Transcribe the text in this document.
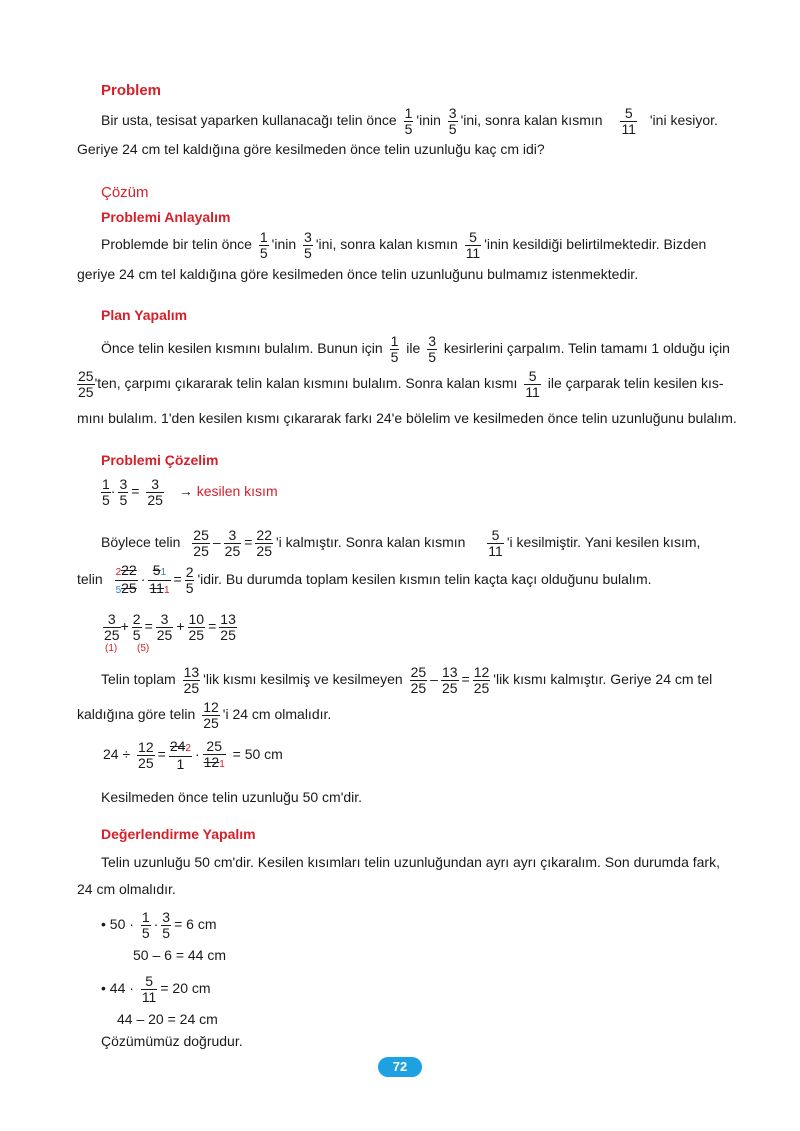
Problem
Bir usta, tesisat yaparken kullanacağı telin önce $\frac{1}{5}$ 'inin $\frac{3}{5}$ 'ini, sonra kalan kısmın $\frac{5}{11}$ 'ini kesiyor.
Geriye 24 cm tel kaldığına göre kesilmeden önce telin uzunluğu kaç cm idi?
Çözüm
Problemi Anlayalım
Problemde bir telin önce $\frac{1}{5}$ 'inin $\frac{3}{5}$ 'ini, sonra kalan kısmın $\frac{5}{11}$ 'inin kesildiği belirtilmektedir. Bizden
geriye 24 cm tel kaldığına göre kesilmeden önce telin uzunluğunu bulmamız istenmektedir.
Plan Yapalım
Önce telin kesilen kısmını bulalım. Bunun için $\frac{1}{5}$ ile $\frac{3}{5}$ kesirlerini çarpalım. Telin tamamı 1 olduğu için
$\frac{25}{25}$ 'ten, çarpımı çıkararak telin kalan kısmını bulalım. Sonra kalan kısmı $\frac{5}{11}$ ile çarparak telin kesilen kıs-
mını bulalım. 1'den kesilen kısmı çıkararak farkı 24'e bölelim ve kesilmeden önce telin uzunluğunu bulalım.
Problemi Çözelim
$\frac{1}{5} \cdot \frac{3}{5} = \frac{3}{25}$ → kesilen kısım
Böylece telin $\frac{25}{25} - \frac{3}{25} = \frac{22}{25}$ 'i kalmıştır. Sonra kalan kısmın $\frac{5}{11}$ 'i kesilmiştir. Yani kesilen kısım,
telin $\frac{222}{525} \cdot \frac{51}{111} = \frac{2}{5}$ 'idir. Bu durumda toplam kesilen kısmın telin kaçta kaçı olduğunu bulalım.
$\frac{3}{25} + \frac{2}{5} = \frac{3}{25} + \frac{10}{25} = \frac{13}{25}$
(1) (5)
Telin toplam $\frac{13}{25}$ 'lik kısmı kesilmiş ve kesilmeyen $\frac{25}{25} - \frac{13}{25} = \frac{12}{25}$ 'lik kısmı kalmıştır. Geriye 24 cm tel
kaldığına göre telin $\frac{12}{25}$ 'i 24 cm olmalıdır.
$24 \div \frac{12}{25} = \frac{242}{1} \cdot \frac{25}{121} = 50$ cm
Kesilmeden önce telin uzunluğu 50 cm'dir.
Değerlendirme Yapalım
Telin uzunluğu 50 cm'dir. Kesilen kısımları telin uzunluğundan ayrı ayrı çıkaralım. Son durumda fark,
24 cm olmalıdır.
• $50 \cdot \frac{1}{5} \cdot \frac{3}{5} = 6$ cm
50 – 6 = 44 cm
• $44 \cdot \frac{5}{11} = 20$ cm
44 – 20 = 24 cm
Çözümümüz doğrudur.
72
